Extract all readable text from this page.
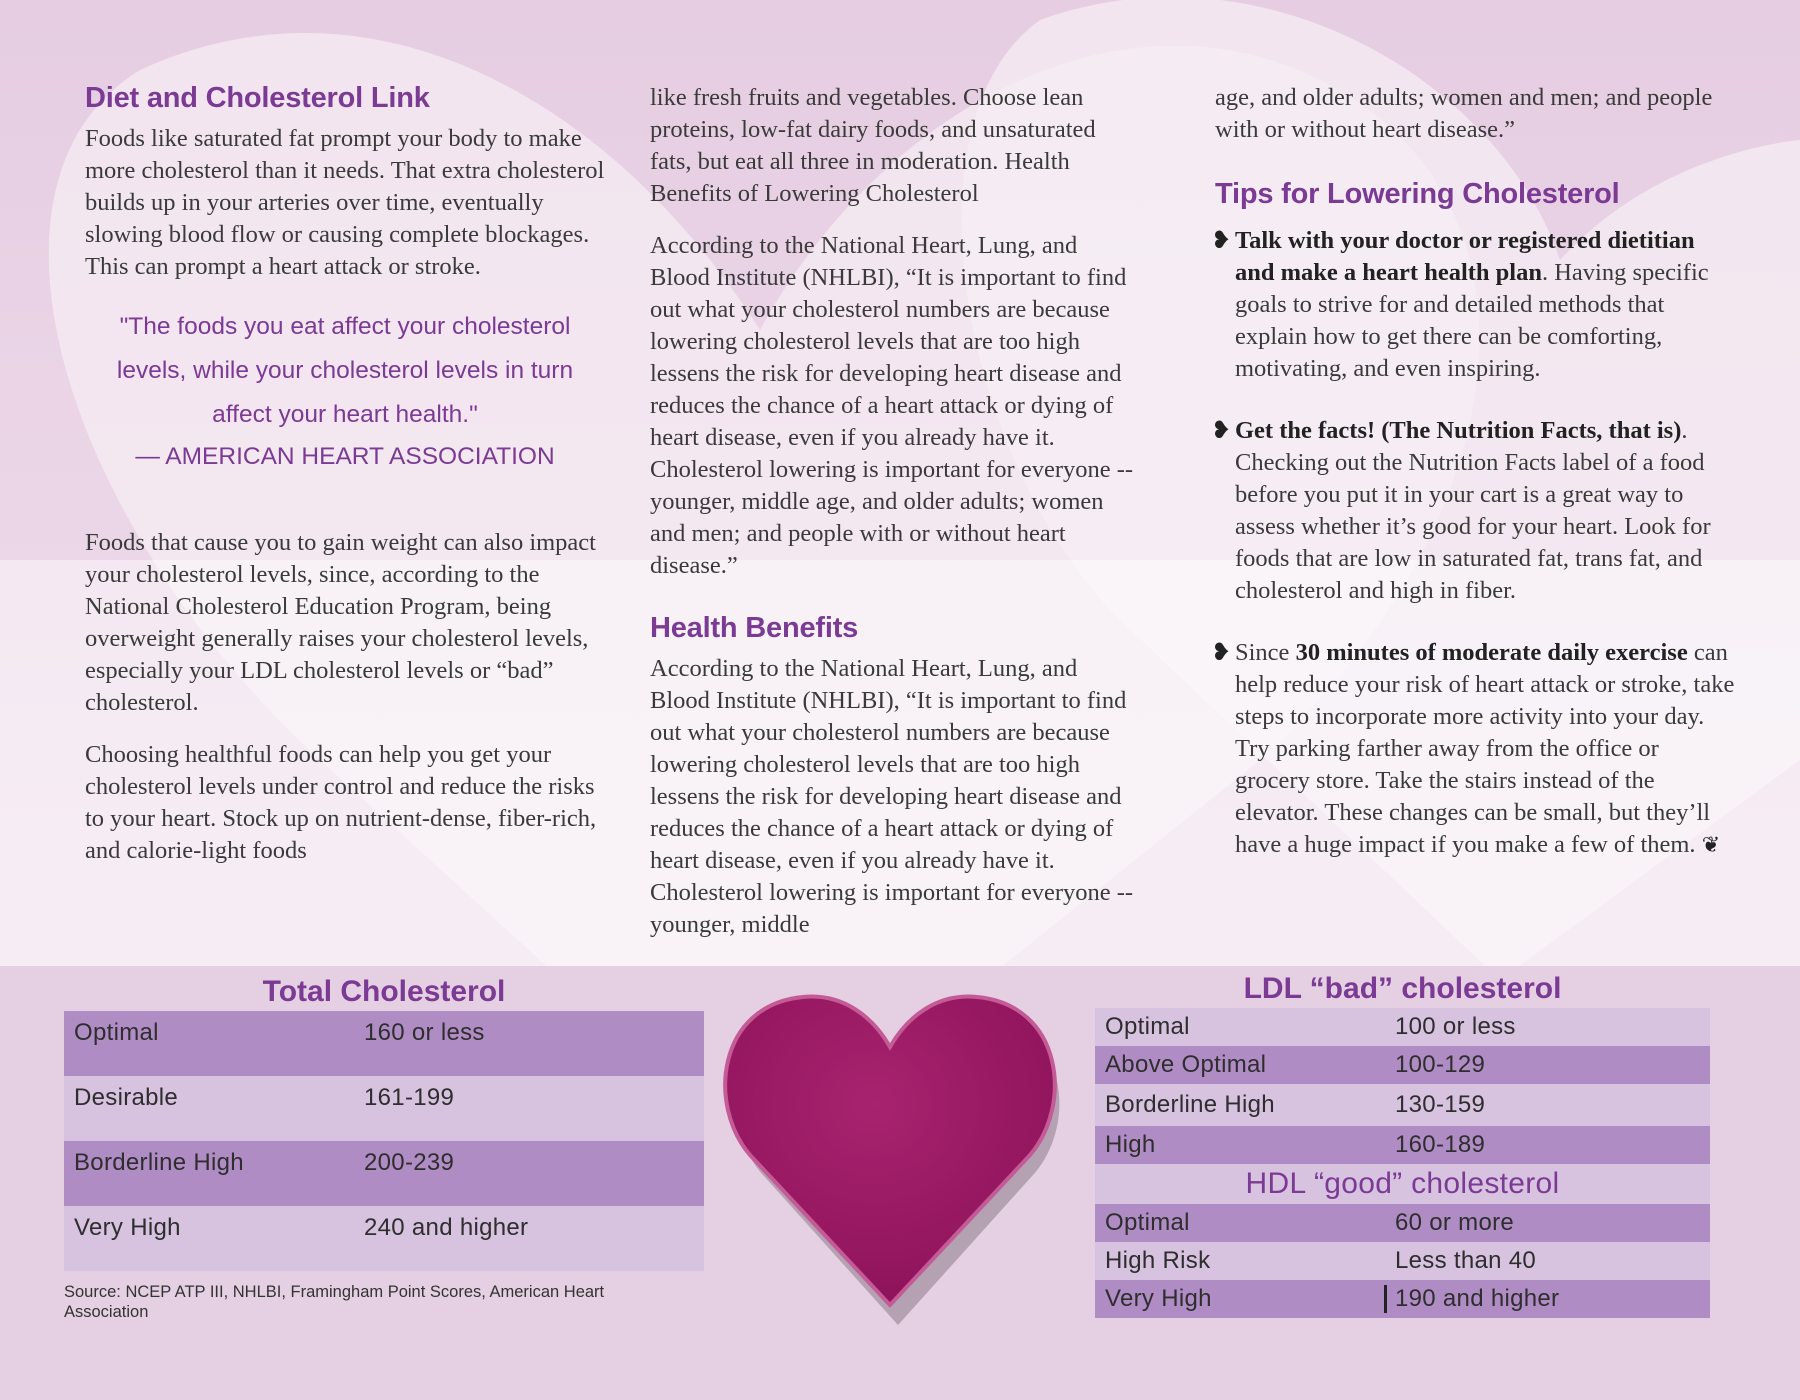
Diet and Cholesterol Link

Foods like saturated fat prompt your body to make more cholesterol than it needs. That extra cholesterol builds up in your arteries over time, eventually slowing blood flow or causing complete blockages. This can prompt a heart attack or stroke.

"The foods you eat affect your cholesterol levels, while your cholesterol levels in turn affect your heart health."
— AMERICAN HEART ASSOCIATION

Foods that cause you to gain weight can also impact your cholesterol levels, since, according to the National Cholesterol Education Program, being overweight generally raises your cholesterol levels, especially your LDL cholesterol levels or “bad” cholesterol.

Choosing healthful foods can help you get your cholesterol levels under control and reduce the risks to your heart. Stock up on nutrient-dense, fiber-rich, and calorie-light foods

like fresh fruits and vegetables. Choose lean proteins, low-fat dairy foods, and unsaturated fats, but eat all three in moderation. Health Benefits of Lowering Cholesterol

According to the National Heart, Lung, and Blood Institute (NHLBI), “It is important to find out what your cholesterol numbers are because lowering cholesterol levels that are too high lessens the risk for developing heart disease and reduces the chance of a heart attack or dying of heart disease, even if you already have it. Cholesterol lowering is important for everyone -- younger, middle age, and older adults; women and men; and people with or without heart disease.”

Health Benefits

According to the National Heart, Lung, and Blood Institute (NHLBI), “It is important to find out what your cholesterol numbers are because lowering cholesterol levels that are too high lessens the risk for developing heart disease and reduces the chance of a heart attack or dying of heart disease, even if you already have it. Cholesterol lowering is important for everyone -- younger, middle

age, and older adults; women and men; and people with or without heart disease.”

Tips for Lowering Cholesterol
❥ Talk with your doctor or registered dietitian and make a heart health plan. Having specific goals to strive for and detailed methods that explain how to get there can be comforting, motivating, and even inspiring.
❥ Get the facts! (The Nutrition Facts, that is). Checking out the Nutrition Facts label of a food before you put it in your cart is a great way to assess whether it’s good for your heart. Look for foods that are low in saturated fat, trans fat, and cholesterol and high in fiber.
❥ Since 30 minutes of moderate daily exercise can help reduce your risk of heart attack or stroke, take steps to incorporate more activity into your day. Try parking farther away from the office or grocery store. Take the stairs instead of the elevator. These changes can be small, but they’ll have a huge impact if you make a few of them. ❦
Total Cholesterol
Optimal	160 or less
Desirable	161-199
Borderline High	200-239
Very High	240 and higher
Source: NCEP ATP III, NHLBI, Framingham Point Scores, American Heart Association
LDL “bad” cholesterol
Optimal	100 or less
Above Optimal	100-129
Borderline High	130-159
High	160-189
HDL “good” cholesterol
Optimal	60 or more
High Risk	Less than 40
Very High	190 and higher
